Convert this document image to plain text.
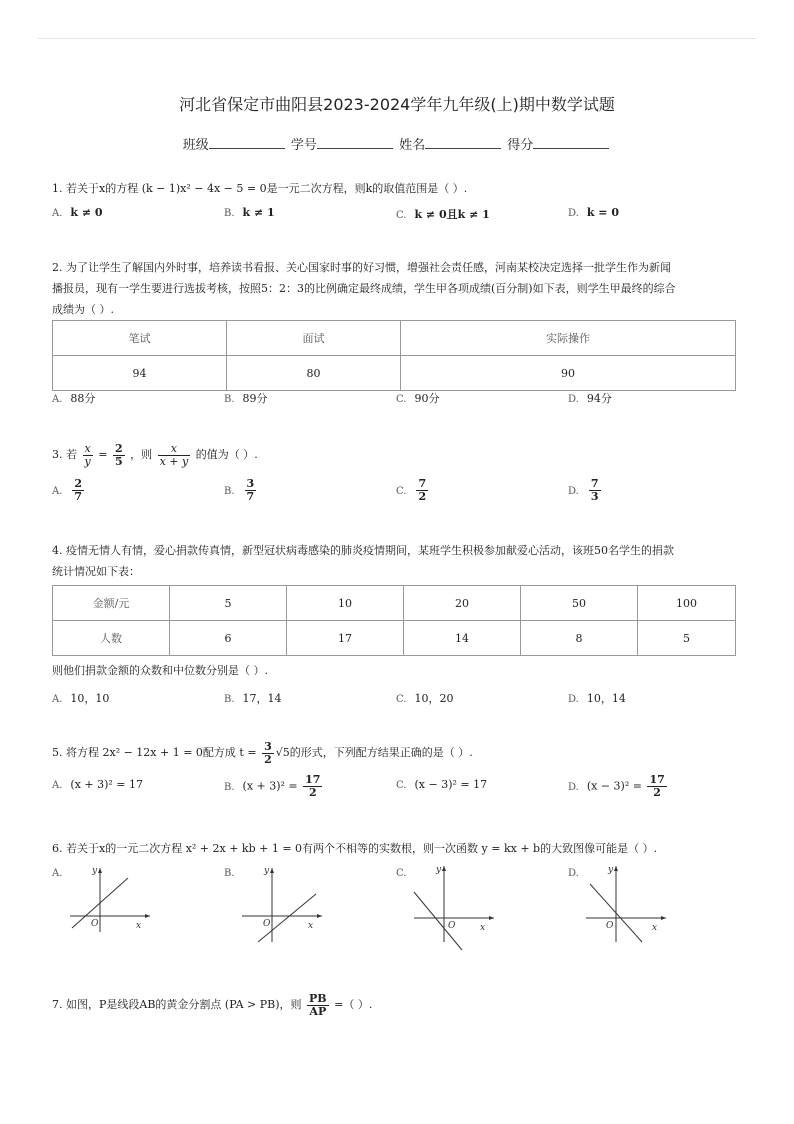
河北省保定市曲阳县2023-2024学年九年级(上)期中数学试题
班级	学号	姓名	得分
1. 若关于x的方程 (k − 1)x² − 4x − 5 = 0是一元二次方程，则k的取值范围是（ ）.
A. k ≠ 0	B. k ≠ 1	C. k ≠ 0且k ≠ 1	D. k = 0
2. 为了让学生了解国内外时事，培养读书看报、关心国家时事的好习惯，增强社会责任感，河南某校决定选择一批学生作为新闻
播报员，现有一学生要进行选拔考核，按照5：2：3的比例确定最终成绩，学生甲各项成绩(百分制)如下表，则学生甲最终的综合
成绩为（ ）.
笔试	面试	实际操作
94	80	90
A. 88分	B. 89分	C. 90分	D. 94分
3. 若 $\frac{x}{y} = \frac{2}{5}$ ，则 $\frac{x}{x + y}$ 的值为（ ）.
A. $\frac{2}{7}$	B. $\frac{3}{7}$	C. $\frac{7}{2}$	D. $\frac{7}{3}$
4. 疫情无情人有情，爱心捐款传真情，新型冠状病毒感染的肺炎疫情期间，某班学生积极参加献爱心活动，该班50名学生的捐款
统计情况如下表：
金额/元	5	10	20	50	100
人数	6	17	14	8	5
则他们捐款金额的众数和中位数分别是（ ）.
A. 10，10	B. 17，14	C. 10，20	D. 10，14
5. 将方程 2x² − 12x + 1 = 0配方成 $t = \frac{3}{2} √5$的形式，下列配方结果正确的是（ ）.
A. (x + 3)² = 17	B. $(x + 3)^2 = \frac{17}{2}$	C. (x − 3)² = 17	D. $(x - 3)^2 = \frac{17}{2}$
6. 若关于x的一元二次方程 x² + 2x + kb + 1 = 0有两个不相等的实数根，则一次函数 y = kx + b的大致图像可能是（ ）.
A.	B.	C.	D.
y
x
O
y
x
O
y
x
O
y
x
O
7. 如图，P是线段AB的黄金分割点 (PA > PB)，则 $\frac{PB}{AP}$ =（ ）.
